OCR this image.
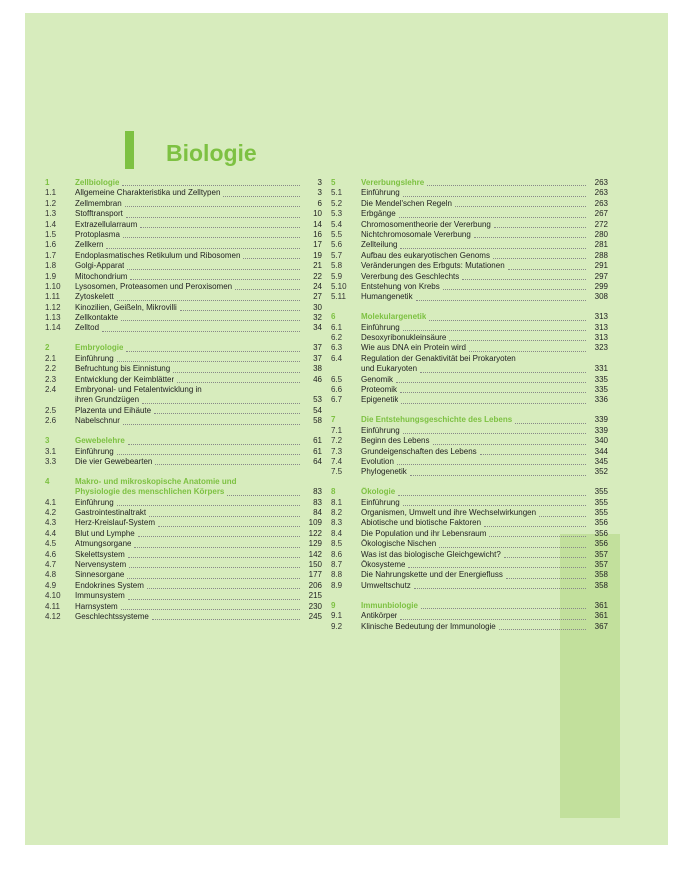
Biologie
1	Zellbiologie	3
1.1	Allgemeine Charakteristika und Zelltypen	3
1.2	Zellmembran	6
1.3	Stofftransport	10
1.4	Extrazellularraum	14
1.5	Protoplasma	16
1.6	Zellkern	17
1.7	Endoplasmatisches Retikulum und Ribosomen	19
1.8	Golgi-Apparat	21
1.9	Mitochondrium	22
1.10	Lysosomen, Proteasomen und Peroxisomen	24
1.11	Zytoskelett	27
1.12	Kinozilien, Geißeln, Mikrovilli	30
1.13	Zellkontakte	32
1.14	Zelltod	34
2	Embryologie	37
2.1	Einführung	37
2.2	Befruchtung bis Einnistung	38
2.3	Entwicklung der Keimblätter	46
2.4	Embryonal- und Fetalentwicklung in
ihren Grundzügen	53
2.5	Plazenta und Eihäute	54
2.6	Nabelschnur	58
3	Gewebelehre	61
3.1	Einführung	61
3.3	Die vier Gewebearten	64
4	Makro- und mikroskopische Anatomie und
Physiologie des menschlichen Körpers	83
4.1	Einführung	83
4.2	Gastrointestinaltrakt	84
4.3	Herz-Kreislauf-System	109
4.4	Blut und Lymphe	122
4.5	Atmungsorgane	129
4.6	Skelettsystem	142
4.7	Nervensystem	150
4.8	Sinnesorgane	177
4.9	Endokrines System	206
4.10	Immunsystem	215
4.11	Harnsystem	230
4.12	Geschlechtssysteme	245
5	Vererbungslehre	263
5.1	Einführung	263
5.2	Die Mendel'schen Regeln	263
5.3	Erbgänge	267
5.4	Chromosomentheorie der Vererbung	272
5.5	Nichtchromosomale Vererbung	280
5.6	Zellteilung	281
5.7	Aufbau des eukaryotischen Genoms	288
5.8	Veränderungen des Erbguts: Mutationen	291
5.9	Vererbung des Geschlechts	297
5.10	Entstehung von Krebs	299
5.11	Humangenetik	308
6	Molekulargenetik	313
6.1	Einführung	313
6.2	Desoxyribonukleinsäure	313
6.3	Wie aus DNA ein Protein wird	323
6.4	Regulation der Genaktivität bei Prokaryoten
und Eukaryoten	331
6.5	Genomik	335
6.6	Proteomik	335
6.7	Epigenetik	336
7	Die Entstehungsgeschichte des Lebens	339
7.1	Einführung	339
7.2	Beginn des Lebens	340
7.3	Grundeigenschaften des Lebens	344
7.4	Evolution	345
7.5	Phylogenetik	352
8	Ökologie	355
8.1	Einführung	355
8.2	Organismen, Umwelt und ihre Wechselwirkungen	355
8.3	Abiotische und biotische Faktoren	356
8.4	Die Population und ihr Lebensraum	356
8.5	Ökologische Nischen	356
8.6	Was ist das biologische Gleichgewicht?	357
8.7	Ökosysteme	357
8.8	Die Nahrungskette und der Energiefluss	358
8.9	Umweltschutz	358
9	Immunbiologie	361
9.1	Antikörper	361
9.2	Klinische Bedeutung der Immunologie	367
